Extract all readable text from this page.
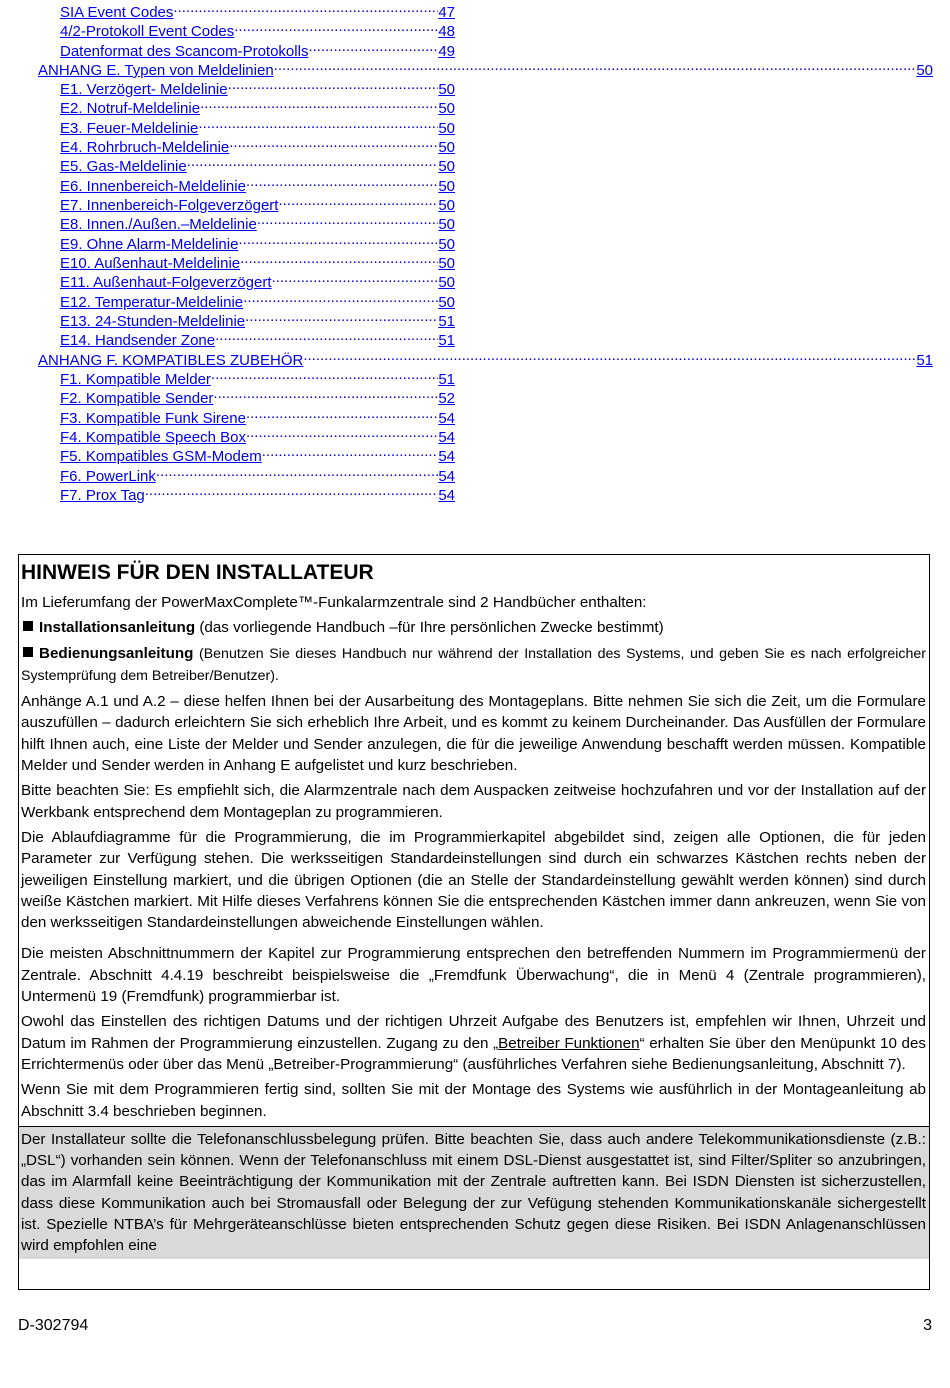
SIA Event Codes .....	47
4/2-Protokoll Event Codes .....	48
Datenformat des Scancom-Protokolls .....	49
ANHANG E. Typen von Meldelinien .....	50
E1. Verzögert- Meldelinie .....	50
E2. Notruf-Meldelinie .....	50
E3. Feuer-Meldelinie .....	50
E4. Rohrbruch-Meldelinie .....	50
E5. Gas-Meldelinie .....	50
E6. Innenbereich-Meldelinie .....	50
E7. Innenbereich-Folgeverzögert .....	50
E8. Innen./Außen.–Meldelinie .....	50
E9. Ohne Alarm-Meldelinie .....	50
E10. Außenhaut-Meldelinie .....	50
E11. Außenhaut-Folgeverzögert .....	50
E12. Temperatur-Meldelinie .....	50
E13. 24-Stunden-Meldelinie .....	51
E14. Handsender Zone .....	51
ANHANG F. KOMPATIBLES ZUBEHÖR .....	51
F1. Kompatible Melder .....	51
F2. Kompatible Sender .....	52
F3. Kompatible Funk Sirene .....	54
F4. Kompatible Speech Box .....	54
F5. Kompatibles GSM-Modem .....	54
F6. PowerLink .....	54
F7. Prox Tag .....	54
HINWEIS FÜR DEN INSTALLATEUR

Im Lieferumfang der PowerMaxComplete™-Funkalarmzentrale sind 2 Handbücher enthalten:

Installationsanleitung (das vorliegende Handbuch –für Ihre persönlichen Zwecke bestimmt)

Bedienungsanleitung (Benutzen Sie dieses Handbuch nur während der Installation des Systems, und geben Sie es nach erfolgreicher Systemprüfung dem Betreiber/Benutzer).

Anhänge A.1 und A.2 – diese helfen Ihnen bei der Ausarbeitung des Montageplans. Bitte nehmen Sie sich die Zeit, um die Formulare auszufüllen – dadurch erleichtern Sie sich erheblich Ihre Arbeit, und es kommt zu keinem Durcheinander. Das Ausfüllen der Formulare hilft Ihnen auch, eine Liste der Melder und Sender anzulegen, die für die jeweilige Anwendung beschafft werden müssen. Kompatible Melder und Sender werden in Anhang E aufgelistet und kurz beschrieben.

Bitte beachten Sie: Es empfiehlt sich, die Alarmzentrale nach dem Auspacken zeitweise hochzufahren und vor der Installation auf der Werkbank entsprechend dem Montageplan zu programmieren.

Die Ablaufdiagramme für die Programmierung, die im Programmierkapitel abgebildet sind, zeigen alle Optionen, die für jeden Parameter zur Verfügung stehen. Die werksseitigen Standardeinstellungen sind durch ein schwarzes Kästchen rechts neben der jeweiligen Einstellung markiert, und die übrigen Optionen (die an Stelle der Standardeinstellung gewählt werden können) sind durch weiße Kästchen markiert. Mit Hilfe dieses Verfahrens können Sie die entsprechenden Kästchen immer dann ankreuzen, wenn Sie von den werksseitigen Standardeinstellungen abweichende Einstellungen wählen.

Die meisten Abschnittnummern der Kapitel zur Programmierung entsprechen den betreffenden Nummern im Programmiermenü der Zentrale. Abschnitt 4.4.19 beschreibt beispielsweise die „Fremdfunk Überwachung“, die in Menü 4 (Zentrale programmieren), Untermenü 19 (Fremdfunk) programmierbar ist.

Owohl das Einstellen des richtigen Datums und der richtigen Uhrzeit Aufgabe des Benutzers ist, empfehlen wir Ihnen, Uhrzeit und Datum im Rahmen der Programmierung einzustellen. Zugang zu den „Betreiber Funktionen“ erhalten Sie über den Menüpunkt 10 des Errichtermenüs oder über das Menü „Betreiber-Programmierung“ (ausführliches Verfahren siehe Bedienungsanleitung, Abschnitt 7).

Wenn Sie mit dem Programmieren fertig sind, sollten Sie mit der Montage des Systems wie ausführlich in der Montageanleitung ab Abschnitt 3.4 beschrieben beginnen.

Der Installateur sollte die Telefonanschlussbelegung prüfen. Bitte beachten Sie, dass auch andere Telekommunikationsdienste (z.B.: „DSL“) vorhanden sein können. Wenn der Telefonanschluss mit einem DSL-Dienst ausgestattet ist, sind Filter/Spliter so anzubringen, das im Alarmfall keine Beeinträchtigung der Kommunikation mit der Zentrale auftretten kann. Bei ISDN Diensten ist sicherzustellen, dass diese Kommunikation auch bei Stromausfall oder Belegung der zur Vefügung stehenden Kommunikationskanäle sichergestellt ist. Spezielle NTBA’s für Mehrgeräteanschlüsse bieten entsprechenden Schutz gegen diese Risiken. Bei ISDN Anlagenanschlüssen wird empfohlen eine

D-302794	3
